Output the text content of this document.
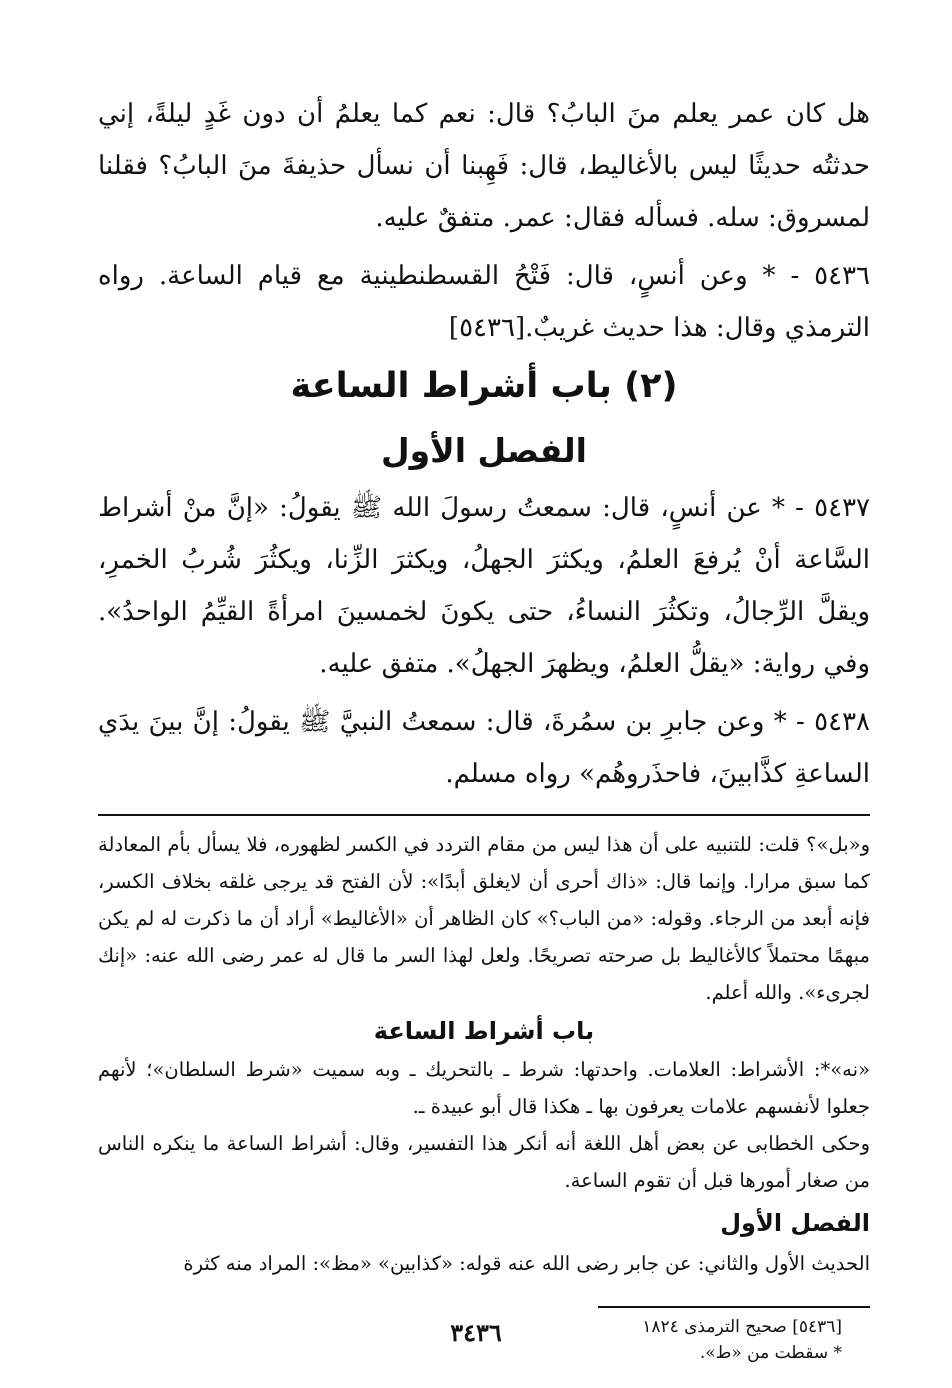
هل كان عمر يعلم منَ البابُ؟ قال: نعم كما يعلمُ أن دون غَدٍ ليلةً، إني حدثتُه حديثًا ليس بالأغاليط، قال: فَهِبنا أن نسأل حذيفةَ منَ البابُ؟ فقلنا لمسروق: سله. فسأله فقال: عمر. متفقٌ عليه.

٥٤٣٦ - * وعن أنسٍ، قال: فَتْحُ القسطنطينية مع قيام الساعة. رواه الترمذي وقال: هذا حديث غريبٌ.[٥٤٣٦]

(٢) باب أشراط الساعة
الفصل الأول

٥٤٣٧ - * عن أنسٍ، قال: سمعتُ رسولَ الله ﷺ يقولُ: «إنَّ منْ أشراط السَّاعة أنْ يُرفعَ العلمُ، ويكثرَ الجهلُ، ويكثرَ الزِّنا، ويكثُرَ شُربُ الخمرِ، ويقلَّ الرِّجالُ، وتكثُرَ النساءُ، حتى يكونَ لخمسينَ امرأةً القيِّمُ الواحدُ». وفي رواية: «يقلُّ العلمُ، ويظهرَ الجهلُ». متفق عليه.

٥٤٣٨ - * وعن جابرِ بن سمُرةَ، قال: سمعتُ النبيَّ ﷺ يقولُ: إنَّ بينَ يدَي الساعةِ كذَّابينَ، فاحذَروهُم» رواه مسلم.

و«بل»؟ قلت: للتنبيه على أن هذا ليس من مقام التردد في الكسر لظهوره، فلا يسأل بأم المعادلة كما سبق مرارا. وإنما قال: «ذاك أحرى أن لايغلق أبدًا»: لأن الفتح قد يرجى غلقه بخلاف الكسر، فإنه أبعد من الرجاء. وقوله: «من الباب؟» كان الظاهر أن «الأغاليط» أراد أن ما ذكرت له لم يكن مبهمًا محتملاً كالأغاليط بل صرحته تصريحًا. ولعل لهذا السر ما قال له عمر رضى الله عنه: «إنك لجرىء». والله أعلم.

باب أشراط الساعة

«نه»*: الأشراط: العلامات. واحدتها: شرط ـ بالتحريك ـ وبه سميت «شرط السلطان»؛ لأنهم جعلوا لأنفسهم علامات يعرفون بها ـ هكذا قال أبو عبيدة ـ.

وحكى الخطابى عن بعض أهل اللغة أنه أنكر هذا التفسير، وقال: أشراط الساعة ما ينكره الناس من صغار أمورها قبل أن تقوم الساعة.

الفصل الأول

الحديث الأول والثاني: عن جابر رضى الله عنه قوله: «كذابين» «مظ»: المراد منه كثرة

[٥٤٣٦] صحيح الترمذى ١٨٢٤

* سقطت من «ط».

٣٤٣٦
